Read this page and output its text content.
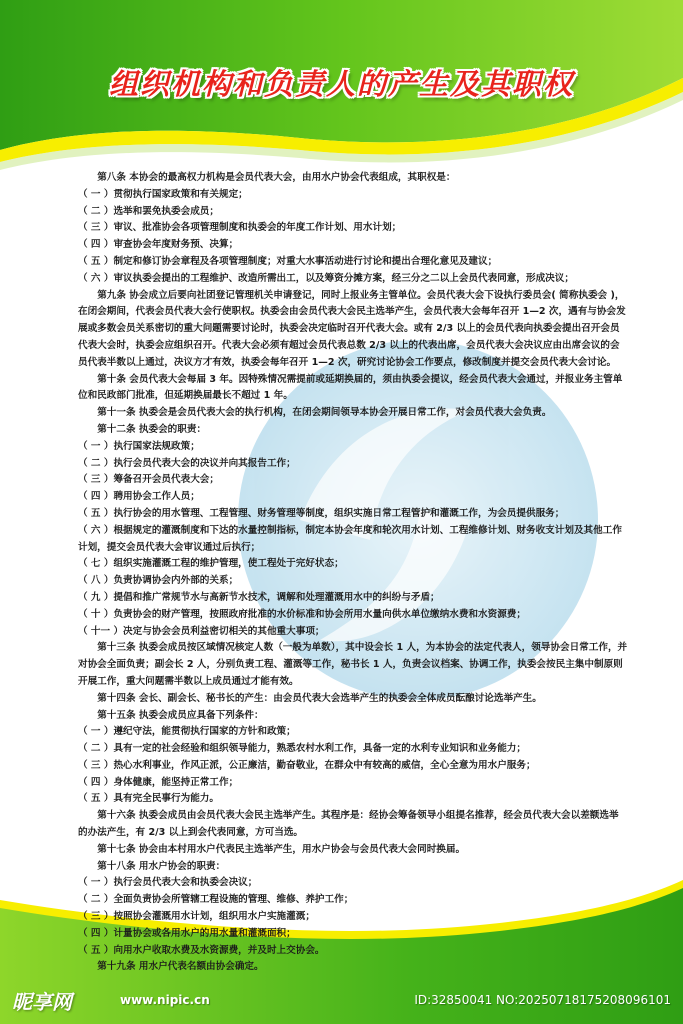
组织机构和负责人的产生及其职权

第八条 本协会的最高权力机构是会员代表大会，由用水户协会代表组成，其职权是：

（ 一 ）贯彻执行国家政策和有关规定；

（ 二 ）选举和罢免执委会成员；

（ 三 ）审议、批准协会各项管理制度和执委会的年度工作计划、用水计划；

（ 四 ）审查协会年度财务预、决算；

（ 五 ）制定和修订协会章程及各项管理制度；对重大水事活动进行讨论和提出合理化意见及建议；

（ 六 ）审议执委会提出的工程维护、改造所需出工，以及筹资分摊方案，经三分之二以上会员代表同意，形成决议；

第九条 协会成立后要向社团登记管理机关申请登记，同时上报业务主管单位。会员代表大会下设执行委员会( 简称执委会 )，在闭会期间，代表会员代表大会行使职权。执委会由会员代表大会民主选举产生，会员代表大会每年召开 1—2 次，遇有与协会发展或多数会员关系密切的重大问题需要讨论时，执委会决定临时召开代表大会。或有 2/3 以上的会员代表向执委会提出召开会员代表大会时，执委会应组织召开。代表大会必须有超过会员代表总数 2/3 以上的代表出席，会员代表大会决议应由出席会议的会员代表半数以上通过，决议方才有效，执委会每年召开 1—2 次，研究讨论协会工作要点，修改制度并提交会员代表大会讨论。

第十条 会员代表大会每届 3 年。因特殊情况需提前或延期换届的，须由执委会提议，经会员代表大会通过，并报业务主管单位和民政部门批准，但延期换届最长不超过 1 年。

第十一条 执委会是会员代表大会的执行机构，在闭会期间领导本协会开展日常工作，对会员代表大会负责。

第十二条 执委会的职责：

（ 一 ）执行国家法规政策；

（ 二 ）执行会员代表大会的决议并向其报告工作；

（ 三 ）筹备召开会员代表大会；

（ 四 ）聘用协会工作人员；

（ 五 ）执行协会的用水管理、工程管理、财务管理等制度，组织实施日常工程管护和灌溉工作，为会员提供服务；

（ 六 ）根据规定的灌溉制度和下达的水量控制指标，制定本协会年度和轮次用水计划、工程维修计划、财务收支计划及其他工作计划，提交会员代表大会审议通过后执行；

（ 七 ）组织实施灌溉工程的维护管理，使工程处于完好状态；

（ 八 ）负责协调协会内外部的关系；

（ 九 ）提倡和推广常规节水与高新节水技术，调解和处理灌溉用水中的纠纷与矛盾；

（ 十 ）负责协会的财产管理，按照政府批准的水价标准和协会所用水量向供水单位缴纳水费和水资源费；

（ 十一 ）决定与协会会员利益密切相关的其他重大事项；

第十三条 执委会成员按区域情况核定人数（一般为单数），其中设会长 1 人，为本协会的法定代表人，领导协会日常工作，并对协会全面负责；副会长 2 人，分别负责工程、灌溉等工作，秘书长 1 人，负责会议档案、协调工作，执委会按民主集中制原则开展工作，重大问题需半数以上成员通过才能有效。

第十四条 会长、副会长、秘书长的产生：由会员代表大会选举产生的执委会全体成员酝酿讨论选举产生。

第十五条 执委会成员应具备下列条件：

（ 一 ）遵纪守法，能贯彻执行国家的方针和政策；

（ 二 ）具有一定的社会经验和组织领导能力，熟悉农村水利工作，具备一定的水利专业知识和业务能力；

（ 三 ）热心水利事业，作风正派，公正廉洁，勤奋敬业，在群众中有较高的威信，全心全意为用水户服务；

（ 四 ）身体健康，能坚持正常工作；

（ 五 ）具有完全民事行为能力。

第十六条 执委会成员由会员代表大会民主选举产生。其程序是：经协会筹备领导小组提名推荐，经会员代表大会以差额选举的办法产生，有 2/3 以上到会代表同意，方可当选。

第十七条 协会由本村用水户代表民主选举产生，用水户协会与会员代表大会同时换届。

第十八条 用水户协会的职责：

（ 一 ）执行会员代表大会和执委会决议；

（ 二 ）全面负责协会所管辖工程设施的管理、维修、养护工作；

（ 三 ）按照协会灌溉用水计划，组织用水户实施灌溉；

（ 四 ）计量协会或各用水户的用水量和灌溉面积；

（ 五 ）向用水户收取水费及水资源费，并及时上交协会。

第十九条 用水户代表名额由协会确定。

昵享网	www.nipic.cn	ID:32850041 NO:20250718175208096101
